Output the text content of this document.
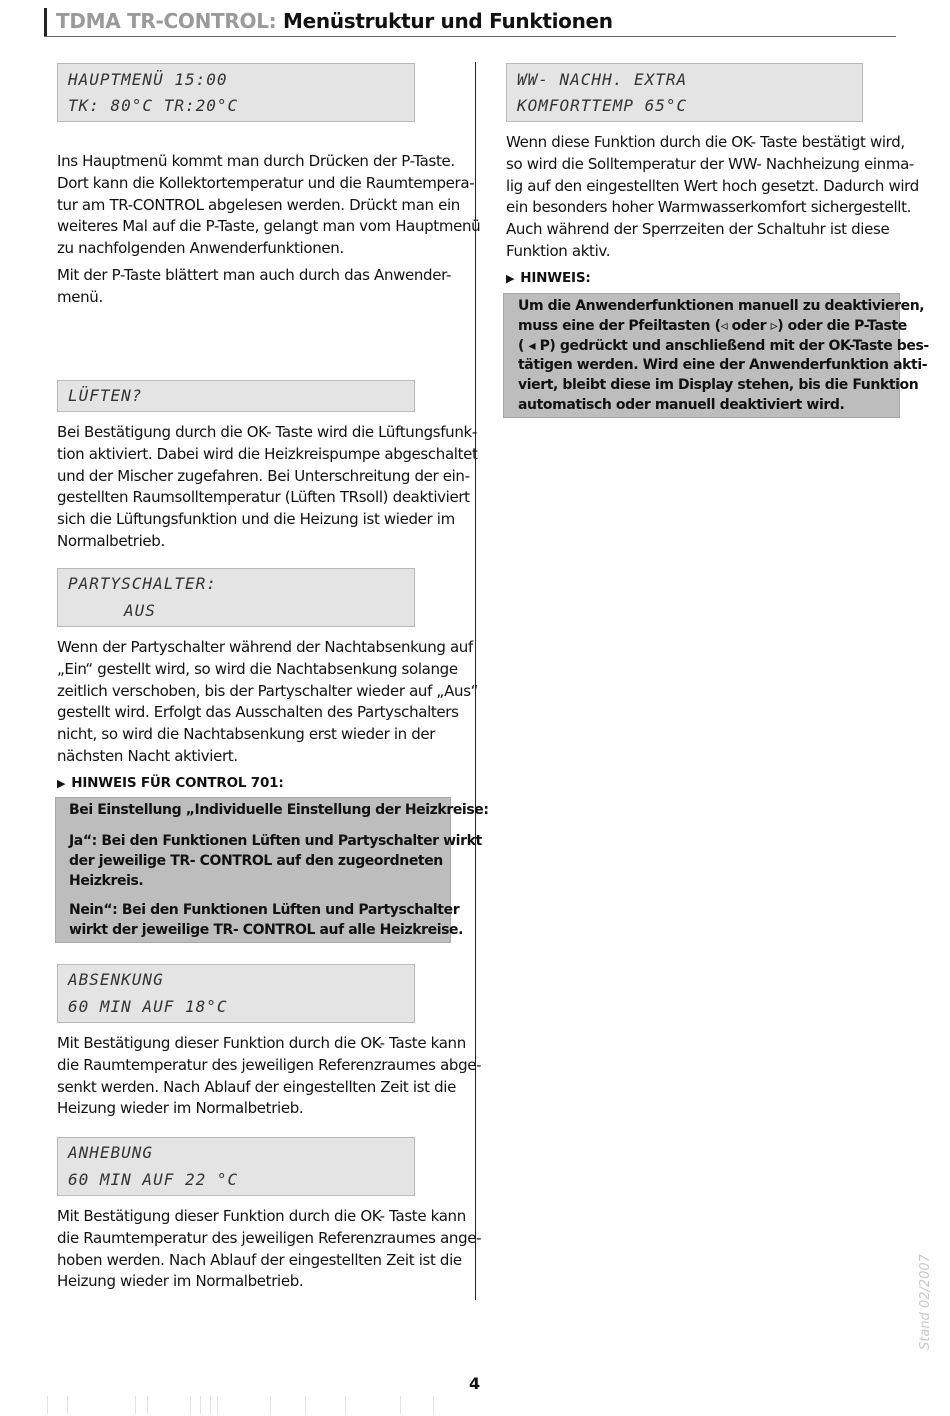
TDMA TR-CONTROL: Menüstruktur und Funktionen
HAUPTMENÜ 15:00
TK: 80°C TR:20°C
Ins Hauptmenü kommt man durch Drücken der P-Taste.
Dort kann die Kollektortemperatur und die Raumtempera-
tur am TR-CONTROL abgelesen werden. Drückt man ein
weiteres Mal auf die P-Taste, gelangt man vom Hauptmenü
zu nachfolgenden Anwenderfunktionen.
Mit der P-Taste blättert man auch durch das Anwender-
menü.
LÜFTEN?
Bei Bestätigung durch die OK- Taste wird die Lüftungsfunk-
tion aktiviert. Dabei wird die Heizkreispumpe abgeschaltet
und der Mischer zugefahren. Bei Unterschreitung der ein-
gestellten Raumsolltemperatur (Lüften TRsoll) deaktiviert
sich die Lüftungsfunktion und die Heizung ist wieder im
Normalbetrieb.
PARTYSCHALTER:
AUS
Wenn der Partyschalter während der Nachtabsenkung auf
„Ein“ gestellt wird, so wird die Nachtabsenkung solange
zeitlich verschoben, bis der Partyschalter wieder auf „Aus“
gestellt wird. Erfolgt das Ausschalten des Partyschalters
nicht, so wird die Nachtabsenkung erst wieder in der
nächsten Nacht aktiviert.
▶ HINWEIS FÜR CONTROL 701:
Bei Einstellung „Individuelle Einstellung der Heizkreise:
Ja“: Bei den Funktionen Lüften und Partyschalter wirkt
der jeweilige TR- CONTROL auf den zugeordneten
Heizkreis.
Nein“: Bei den Funktionen Lüften und Partyschalter
wirkt der jeweilige TR- CONTROL auf alle Heizkreise.
ABSENKUNG
60 MIN AUF 18°C
Mit Bestätigung dieser Funktion durch die OK- Taste kann
die Raumtemperatur des jeweiligen Referenzraumes abge-
senkt werden. Nach Ablauf der eingestellten Zeit ist die
Heizung wieder im Normalbetrieb.
ANHEBUNG
60 MIN AUF 22 °C
Mit Bestätigung dieser Funktion durch die OK- Taste kann
die Raumtemperatur des jeweiligen Referenzraumes ange-
hoben werden. Nach Ablauf der eingestellten Zeit ist die
Heizung wieder im Normalbetrieb.
WW- NACHH. EXTRA
KOMFORTTEMP 65°C
Wenn diese Funktion durch die OK- Taste bestätigt wird,
so wird die Solltemperatur der WW- Nachheizung einma-
lig auf den eingestellten Wert hoch gesetzt. Dadurch wird
ein besonders hoher Warmwasserkomfort sichergestellt.
Auch während der Sperrzeiten der Schaltuhr ist diese
Funktion aktiv.
▶ HINWEIS:
Um die Anwenderfunktionen manuell zu deaktivieren,
muss eine der Pfeiltasten (◃ oder ▹) oder die P-Taste
( ◂ P) gedrückt und anschließend mit der OK-Taste bes-
tätigen werden. Wird eine der Anwenderfunktion akti-
viert, bleibt diese im Display stehen, bis die Funktion
automatisch oder manuell deaktiviert wird.
Stand 02/2007
4
